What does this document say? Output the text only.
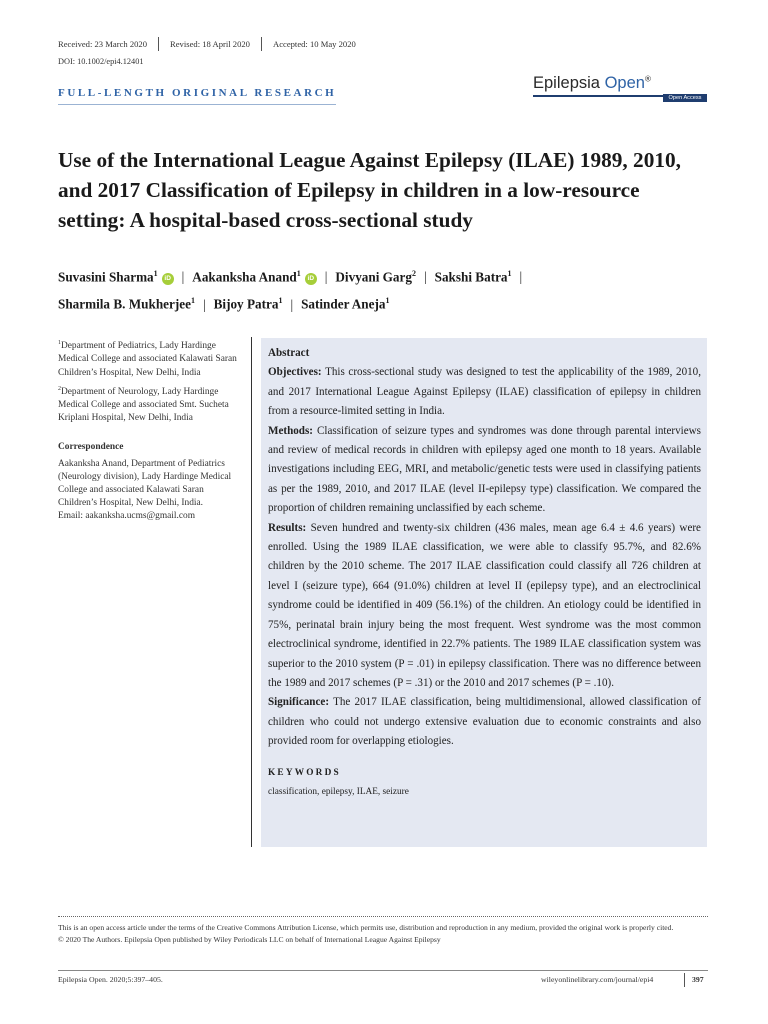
Received: 23 March 2020	Revised: 18 April 2020	Accepted: 10 May 2020
DOI: 10.1002/epi4.12401
FULL-LENGTH ORIGINAL RESEARCH
Epilepsia Open®
Open Access
Use of the International League Against Epilepsy (ILAE) 1989, 2010, and 2017 Classification of Epilepsy in children in a low-resource setting: A hospital-based cross-sectional study
Suvasini Sharma$^1$iD | Aakanksha Anand$^1$iD | Divyani Garg$^2$ | Sakshi Batra$^1$ |
Sharmila B. Mukherjee$^1$ | Bijoy Patra$^1$ | Satinder Aneja$^1$

$^1$Department of Pediatrics, Lady Hardinge Medical College and associated Kalawati Saran Children’s Hospital, New Delhi, India

$^2$Department of Neurology, Lady Hardinge Medical College and associated Smt. Sucheta Kriplani Hospital, New Delhi, India

Correspondence

Aakanksha Anand, Department of Pediatrics (Neurology division), Lady Hardinge Medical College and associated Kalawati Saran Children’s Hospital, New Delhi, India.

Email: aakanksha.ucms@gmail.com

Abstract

Objectives: This cross-sectional study was designed to test the applicability of the 1989, 2010, and 2017 International League Against Epilepsy (ILAE) classification of epilepsy in children from a resource-limited setting in India.

Methods: Classification of seizure types and syndromes was done through parental interviews and review of medical records in children with epilepsy aged one month to 18 years. Available investigations including EEG, MRI, and metabolic/genetic tests were used in classifying patients as per the 1989, 2010, and 2017 ILAE (level II-epilepsy type) classification. We compared the proportion of children remaining unclassified by each scheme.

Results: Seven hundred and twenty-six children (436 males, mean age 6.4 ± 4.6 years) were enrolled. Using the 1989 ILAE classification, we were able to classify 95.7%, and 82.6% children by the 2010 scheme. The 2017 ILAE classification could classify all 726 children at level I (seizure type), 664 (91.0%) children at level II (epilepsy type), and an electroclinical syndrome could be identified in 409 (56.1%) of the children. An etiology could be identified in 75%, perinatal brain injury being the most frequent. West syndrome was the most common electroclinical syndrome, identified in 22.7% patients. The 1989 ILAE classification system was superior to the 2010 system (P = .01) in epilepsy classification. There was no difference between the 1989 and 2017 schemes (P = .31) or the 2010 and 2017 schemes (P = .10).

Significance: The 2017 ILAE classification, being multidimensional, allowed classification of children who could not undergo extensive evaluation due to economic constraints and also provided room for overlapping etiologies.

KEYWORDS

classification, epilepsy, ILAE, seizure

This is an open access article under the terms of the Creative Commons Attribution License, which permits use, distribution and reproduction in any medium, provided the original work is properly cited.

© 2020 The Authors. Epilepsia Open published by Wiley Periodicals LLC on behalf of International League Against Epilepsy

Epilepsia Open. 2020;5:397–405.	wileyonlinelibrary.com/journal/epi4	397
